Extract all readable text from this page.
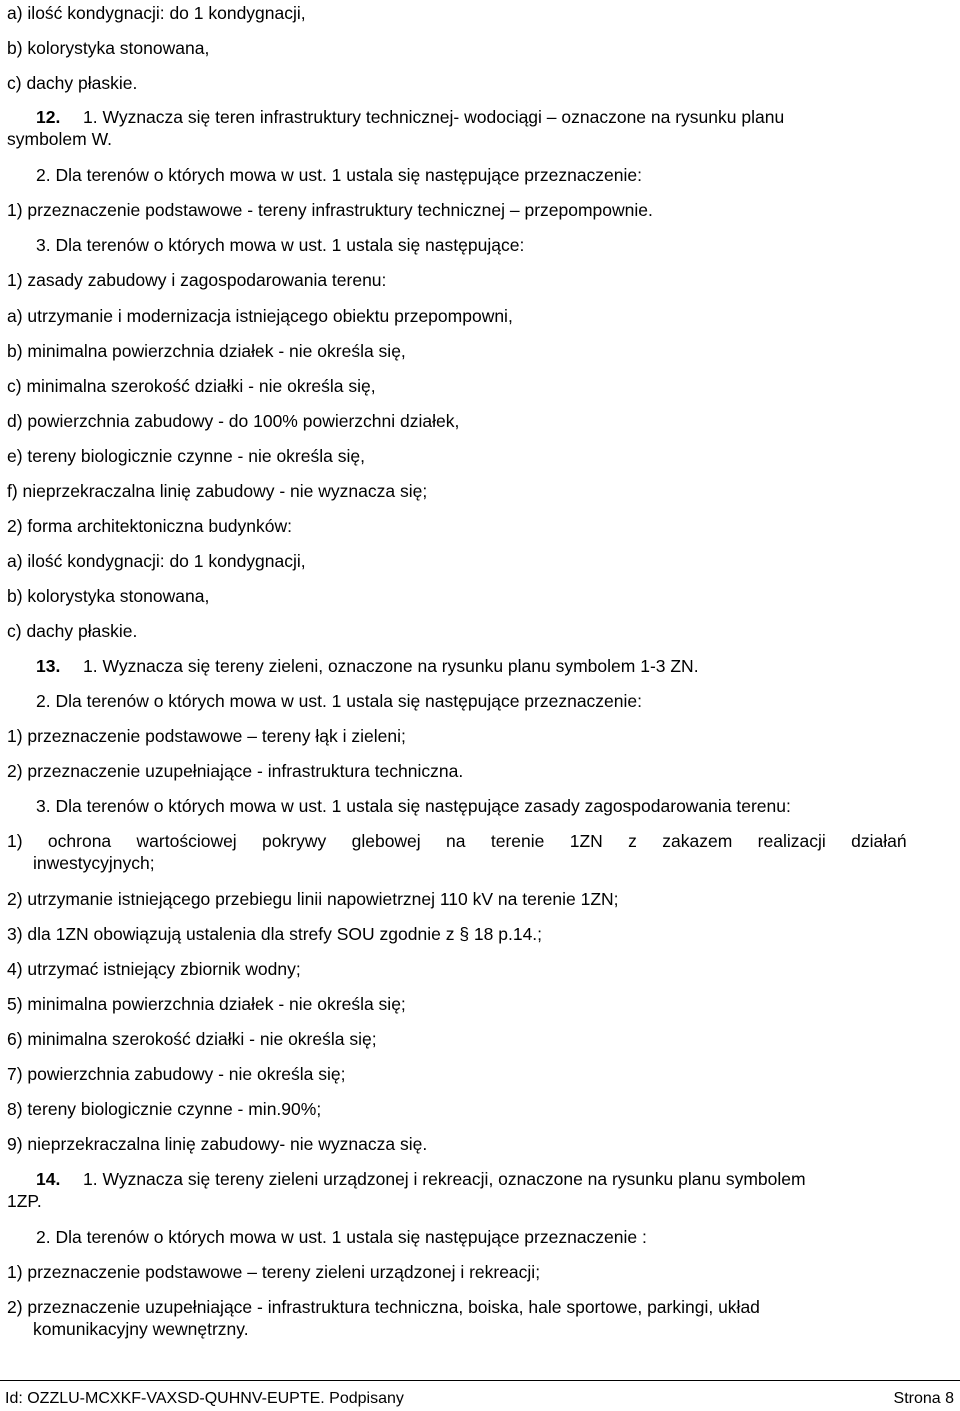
a) ilość kondygnacji: do 1 kondygnacji,
b) kolorystyka stonowana,
c) dachy płaskie.
12. 1. Wyznacza się teren infrastruktury technicznej- wodociągi – oznaczone na rysunku planu
symbolem W.
2. Dla terenów o których mowa w ust. 1 ustala się następujące przeznaczenie:
1) przeznaczenie podstawowe - tereny infrastruktury technicznej – przepompownie.
3. Dla terenów o których mowa w ust. 1 ustala się następujące:
1) zasady zabudowy i zagospodarowania terenu:
a) utrzymanie i modernizacja istniejącego obiektu przepompowni,
b) minimalna powierzchnia działek - nie określa się,
c) minimalna szerokość działki - nie określa się,
d) powierzchnia zabudowy - do 100% powierzchni działek,
e) tereny biologicznie czynne - nie określa się,
f) nieprzekraczalna linię zabudowy - nie wyznacza się;
2) forma architektoniczna budynków:
a) ilość kondygnacji: do 1 kondygnacji,
b) kolorystyka stonowana,
c) dachy płaskie.
13. 1. Wyznacza się tereny zieleni, oznaczone na rysunku planu symbolem 1-3 ZN.
2. Dla terenów o których mowa w ust. 1 ustala się następujące przeznaczenie:
1) przeznaczenie podstawowe – tereny łąk i zieleni;
2) przeznaczenie uzupełniające - infrastruktura techniczna.
3. Dla terenów o których mowa w ust. 1 ustala się następujące zasady zagospodarowania terenu:
1) ochrona wartościowej pokrywy glebowej na terenie 1ZN z zakazem realizacji działań
inwestycyjnych;
2) utrzymanie istniejącego przebiegu linii napowietrznej 110 kV na terenie 1ZN;
3) dla 1ZN obowiązują ustalenia dla strefy SOU zgodnie z § 18 p.14.;
4) utrzymać istniejący zbiornik wodny;
5) minimalna powierzchnia działek - nie określa się;
6) minimalna szerokość działki - nie określa się;
7) powierzchnia zabudowy - nie określa się;
8) tereny biologicznie czynne - min.90%;
9) nieprzekraczalna linię zabudowy- nie wyznacza się.
14. 1. Wyznacza się tereny zieleni urządzonej i rekreacji, oznaczone na rysunku planu symbolem
1ZP.
2. Dla terenów o których mowa w ust. 1 ustala się następujące przeznaczenie :
1) przeznaczenie podstawowe – tereny zieleni urządzonej i rekreacji;
2) przeznaczenie uzupełniające - infrastruktura techniczna, boiska, hale sportowe, parkingi, układ
komunikacyjny wewnętrzny.
Id: OZZLU-MCXKF-VAXSD-QUHNV-EUPTE. Podpisany	Strona 8
